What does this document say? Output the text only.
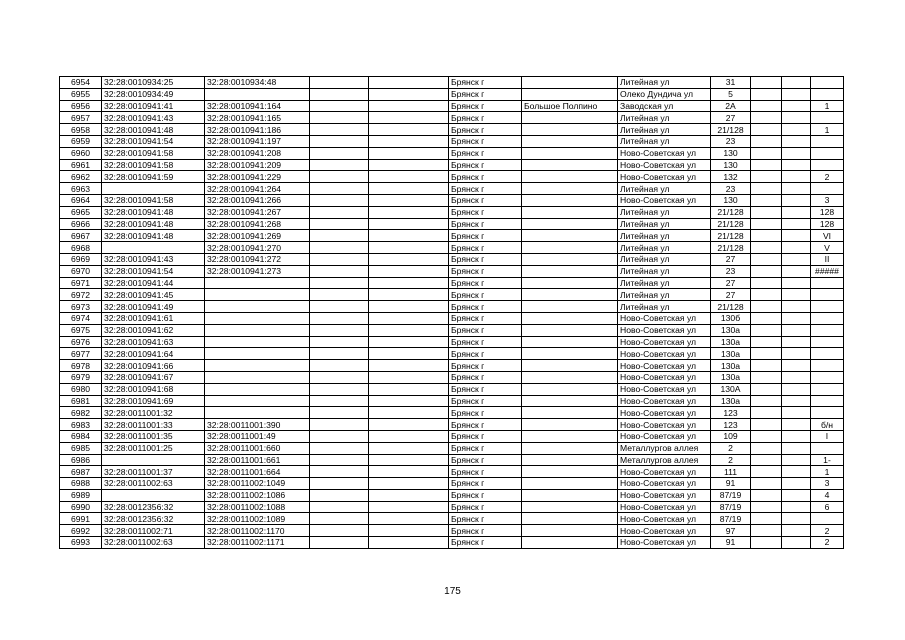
6954	32:28:0010934:25	32:28:0010934:48			Брянск г		Литейная ул	31			
6955	32:28:0010934:49				Брянск г		Олеко Дундича ул	5			
6956	32:28:0010941:41	32:28:0010941:164			Брянск г	Большое Полпино	Заводская ул	2А			1
6957	32:28:0010941:43	32:28:0010941:165			Брянск г		Литейная ул	27			
6958	32:28:0010941:48	32:28:0010941:186			Брянск г		Литейная ул	21/128			1
6959	32:28:0010941:54	32:28:0010941:197			Брянск г		Литейная ул	23			
6960	32:28:0010941:58	32:28:0010941:208			Брянск г		Ново-Советская ул	130			
6961	32:28:0010941:58	32:28:0010941:209			Брянск г		Ново-Советская ул	130			
6962	32:28:0010941:59	32:28:0010941:229			Брянск г		Ново-Советская ул	132			2
6963		32:28:0010941:264			Брянск г		Литейная ул	23			
6964	32:28:0010941:58	32:28:0010941:266			Брянск г		Ново-Советская ул	130			3
6965	32:28:0010941:48	32:28:0010941:267			Брянск г		Литейная ул	21/128			128
6966	32:28:0010941:48	32:28:0010941:268			Брянск г		Литейная ул	21/128			128
6967	32:28:0010941:48	32:28:0010941:269			Брянск г		Литейная ул	21/128			VI
6968		32:28:0010941:270			Брянск г		Литейная ул	21/128			V
6969	32:28:0010941:43	32:28:0010941:272			Брянск г		Литейная ул	27			II
6970	32:28:0010941:54	32:28:0010941:273			Брянск г		Литейная ул	23			#####
6971	32:28:0010941:44				Брянск г		Литейная ул	27			
6972	32:28:0010941:45				Брянск г		Литейная ул	27			
6973	32:28:0010941:49				Брянск г		Литейная ул	21/128			
6974	32:28:0010941:61				Брянск г		Ново-Советская ул	130б			
6975	32:28:0010941:62				Брянск г		Ново-Советская ул	130а			
6976	32:28:0010941:63				Брянск г		Ново-Советская ул	130а			
6977	32:28:0010941:64				Брянск г		Ново-Советская ул	130а			
6978	32:28:0010941:66				Брянск г		Ново-Советская ул	130а			
6979	32:28:0010941:67				Брянск г		Ново-Советская ул	130а			
6980	32:28:0010941:68				Брянск г		Ново-Советская ул	130А			
6981	32:28:0010941:69				Брянск г		Ново-Советская ул	130а			
6982	32:28:0011001:32				Брянск г		Ново-Советская ул	123			
6983	32:28:0011001:33	32:28:0011001:390			Брянск г		Ново-Советская ул	123			б/н
6984	32:28:0011001:35	32:28:0011001:49			Брянск г		Ново-Советская ул	109			I
6985	32:28:0011001:25	32:28:0011001:660			Брянск г		Металлургов аллея	2			
6986		32:28:0011001:661			Брянск г		Металлургов аллея	2			1-
6987	32:28:0011001:37	32:28:0011001:664			Брянск г		Ново-Советская ул	111			1
6988	32:28:0011002:63	32:28:0011002:1049			Брянск г		Ново-Советская ул	91			3
6989		32:28:0011002:1086			Брянск г		Ново-Советская ул	87/19			4
6990	32:28:0012356:32	32:28:0011002:1088			Брянск г		Ново-Советская ул	87/19			6
6991	32:28:0012356:32	32:28:0011002:1089			Брянск г		Ново-Советская ул	87/19			
6992	32:28:0011002:71	32:28:0011002:1170			Брянск г		Ново-Советская ул	97			2
6993	32:28:0011002:63	32:28:0011002:1171			Брянск г		Ново-Советская ул	91			2
175
